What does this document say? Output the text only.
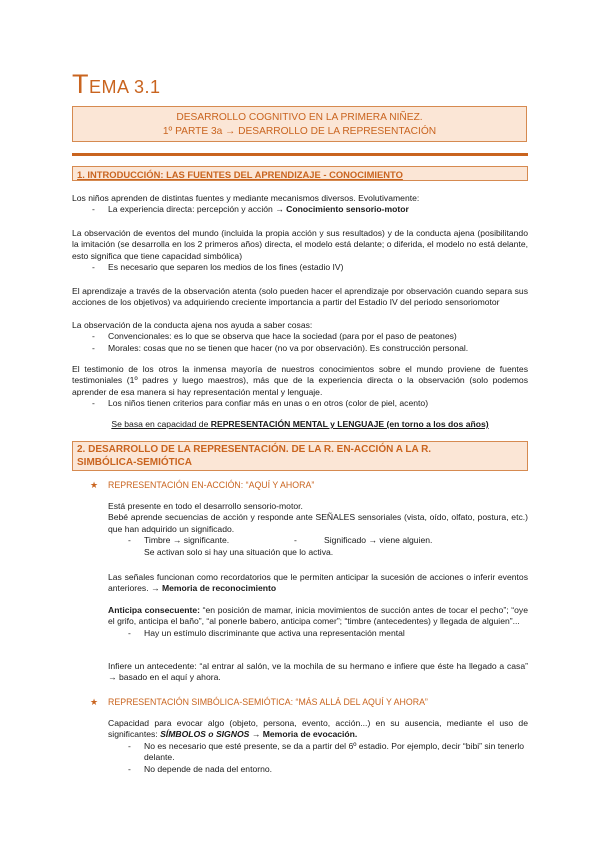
TEMA 3.1
DESARROLLO COGNITIVO EN LA PRIMERA NIÑEZ.
1º PARTE 3a → DESARROLLO DE LA REPRESENTACIÓN
1. INTRODUCCIÓN: LAS FUENTES DEL APRENDIZAJE - CONOCIMIENTO

Los niños aprenden de distintas fuentes y mediante mecanismos diversos. Evolutivamente:

- La experiencia directa: percepción y acción → Conocimiento sensorio-motor

La observación de eventos del mundo (incluida la propia acción y sus resultados) y de la conducta ajena (posibilitando la imitación (se desarrolla en los 2 primeros años) directa, el modelo está delante; o diferida, el modelo no está delante, esto significa que tiene capacidad simbólica)

- Es necesario que separen los medios de los fines (estadio IV)

El aprendizaje a través de la observación atenta (solo pueden hacer el aprendizaje por observación cuando separa sus acciones de los objetivos) va adquiriendo creciente importancia a partir del Estadio IV del periodo sensoriomotor

La observación de la conducta ajena nos ayuda a saber cosas:

- Convencionales: es lo que se observa que hace la sociedad (para por el paso de peatones)
- Morales: cosas que no se tienen que hacer (no va por observación). Es construcción personal.

El testimonio de los otros la inmensa mayoría de nuestros conocimientos sobre el mundo proviene de fuentes testimoniales (1º padres y luego maestros), más que de la experiencia directa o la observación (solo podemos aprender de esa manera si hay representación mental y lenguaje.

- Los niños tienen criterios para confiar más en unas o en otros (color de piel, acento)
Se basa en capacidad de REPRESENTACIÓN MENTAL y LENGUAJE (en torno a los dos años)
2. DESARROLLO DE LA REPRESENTACIÓN. DE LA R. EN-ACCIÓN A LA R.
SIMBÓLICA-SEMIÓTICA
★ REPRESENTACIÓN EN-ACCIÓN: “AQUÍ Y AHORA”

Está presente en todo el desarrollo sensorio-motor.

Bebé aprende secuencias de acción y responde ante SEÑALES sensoriales (vista, oído, olfato, postura, etc.) que han adquirido un significado.

- Timbre → significante.	-	Significado → viene alguien.

Se activan solo si hay una situación que lo activa.

Las señales funcionan como recordatorios que le permiten anticipar la sucesión de acciones o inferir eventos anteriores. → Memoria de reconocimiento

Anticipa consecuente: “en posición de mamar, inicia movimientos de succión antes de tocar el pecho”; “oye el grifo, anticipa el baño”, “al ponerle babero, anticipa comer”; “timbre (antecedentes) y llegada de alguien”...

- Hay un estímulo discriminante que activa una representación mental

Infiere un antecedente: “al entrar al salón, ve la mochila de su hermano e infiere que éste ha llegado a casa” → basado en el aquí y ahora.

★ REPRESENTACIÓN SIMBÓLICA-SEMIÓTICA: “MÁS ALLÁ DEL AQUÍ Y AHORA”

Capacidad para evocar algo (objeto, persona, evento, acción...) en su ausencia, mediante el uso de significantes: SÍMBOLOS o SIGNOS → Memoria de evocación.

- No es necesario que esté presente, se da a partir del 6º estadio. Por ejemplo, decir “bibi” sin tenerlo delante.
- No depende de nada del entorno.
